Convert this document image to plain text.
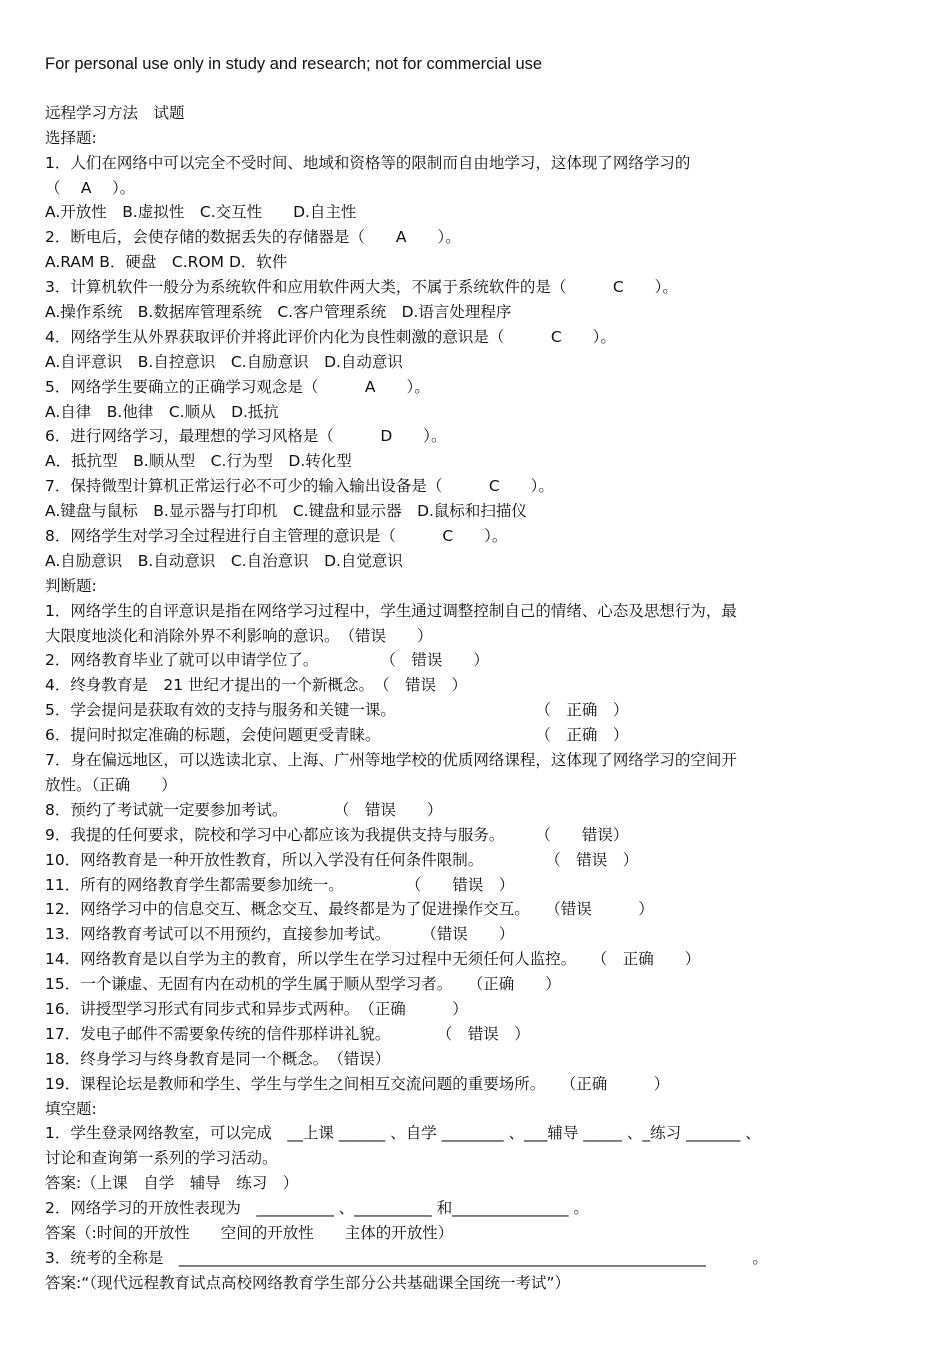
For personal use only in study and research; not for commercial use
远程学习方法　试题
选择题:
1．人们在网络中可以完全不受时间、地域和资格等的限制而自由地学习，这体现了网络学习的
（　 A　 ）。
A.开放性　B.虚拟性　C.交互性　　D.自主性
2．断电后，会使存储的数据丢失的存储器是（　　A　　）。
A.RAM B．硬盘　C.ROM D．软件
3．计算机软件一般分为系统软件和应用软件两大类，不属于系统软件的是（　　　C　　）。
A.操作系统　B.数据库管理系统　C.客户管理系统　D.语言处理程序
4．网络学生从外界获取评价并将此评价内化为良性刺激的意识是（　　　C　　）。
A.自评意识　B.自控意识　C.自励意识　D.自动意识
5．网络学生要确立的正确学习观念是（　　　A　　）。
A.自律　B.他律　C.顺从　D.抵抗
6．进行网络学习，最理想的学习风格是（　　　D　　）。
A．抵抗型　B.顺从型　C.行为型　D.转化型
7．保持微型计算机正常运行必不可少的输入输出设备是（　　　C　　）。
A.键盘与鼠标　B.显示器与打印机　C.键盘和显示器　D.鼠标和扫描仪
8．网络学生对学习全过程进行自主管理的意识是（　　　C　　）。
A.自励意识　B.自动意识　C.自治意识　D.自觉意识
判断题:
1．网络学生的自评意识是指在网络学习过程中，学生通过调整控制自己的情绪、心态及思想行为，最
大限度地淡化和消除外界不利影响的意识。　（错误　　）
2．网络教育毕业了就可以申请学位了。　　　　　（　错误　　）
4．终身教育是　21 世纪才提出的一个新概念。　（　错误　）
5．学会提问是获取有效的支持与服务和关键一课。　　　　　　　　　　（　正确　）
6．提问时拟定准确的标题，会使问题更受青睐。　　　　　　　　　　　（　正确　）
7．身在偏远地区，可以选读北京、上海、广州等地学校的优质网络课程，这体现了网络学习的空间开
放性。（正确　　）
8．预约了考试就一定要参加考试。　　　　（　错误　　）
9．我提的任何要求，院校和学习中心都应该为我提供支持与服务。　　　（　　错误）
10．网络教育是一种开放性教育，所以入学没有任何条件限制。　　　　　（　错误　）
11．所有的网络教育学生都需要参加统一。　　　　　（　　错误　）
12．网络学习中的信息交互、概念交互、最终都是为了促进操作交互。　　（错误　　　）
13．网络教育考试可以不用预约，直接参加考试。　　　（错误　　）
14．网络教育是以自学为主的教育，所以学生在学习过程中无须任何人监控。　　（　正确　　）
15．一个谦虚、无固有内在动机的学生属于顺从型学习者。　　（正确　　）
16．讲授型学习形式有同步式和异步式两种。　（正确　　　）
17．发电子邮件不需要象传统的信件那样讲礼貌。　　　　（　错误　）
18．终身学习与终身教育是同一个概念。　（错误）
19．课程论坛是教师和学生、学生与学生之间相互交流问题的重要场所。　　（正确　　　）
填空题:
1．学生登录网络教室，可以完成　__上课 ______ 、自学 ________ 、___辅导 _____ 、_练习 _______ 、
讨论和查询第一系列的学习活动。
答案:（上课　自学　辅导　练习　）
2．网络学习的开放性表现为　__________ 、__________ 和_______________ 。
答案（:时间的开放性　　空间的开放性　　主体的开放性）
3．统考的全称是　____________________________________________________________________　　　。
答案:“（现代远程教育试点高校网络教育学生部分公共基础课全国统一考试”）
